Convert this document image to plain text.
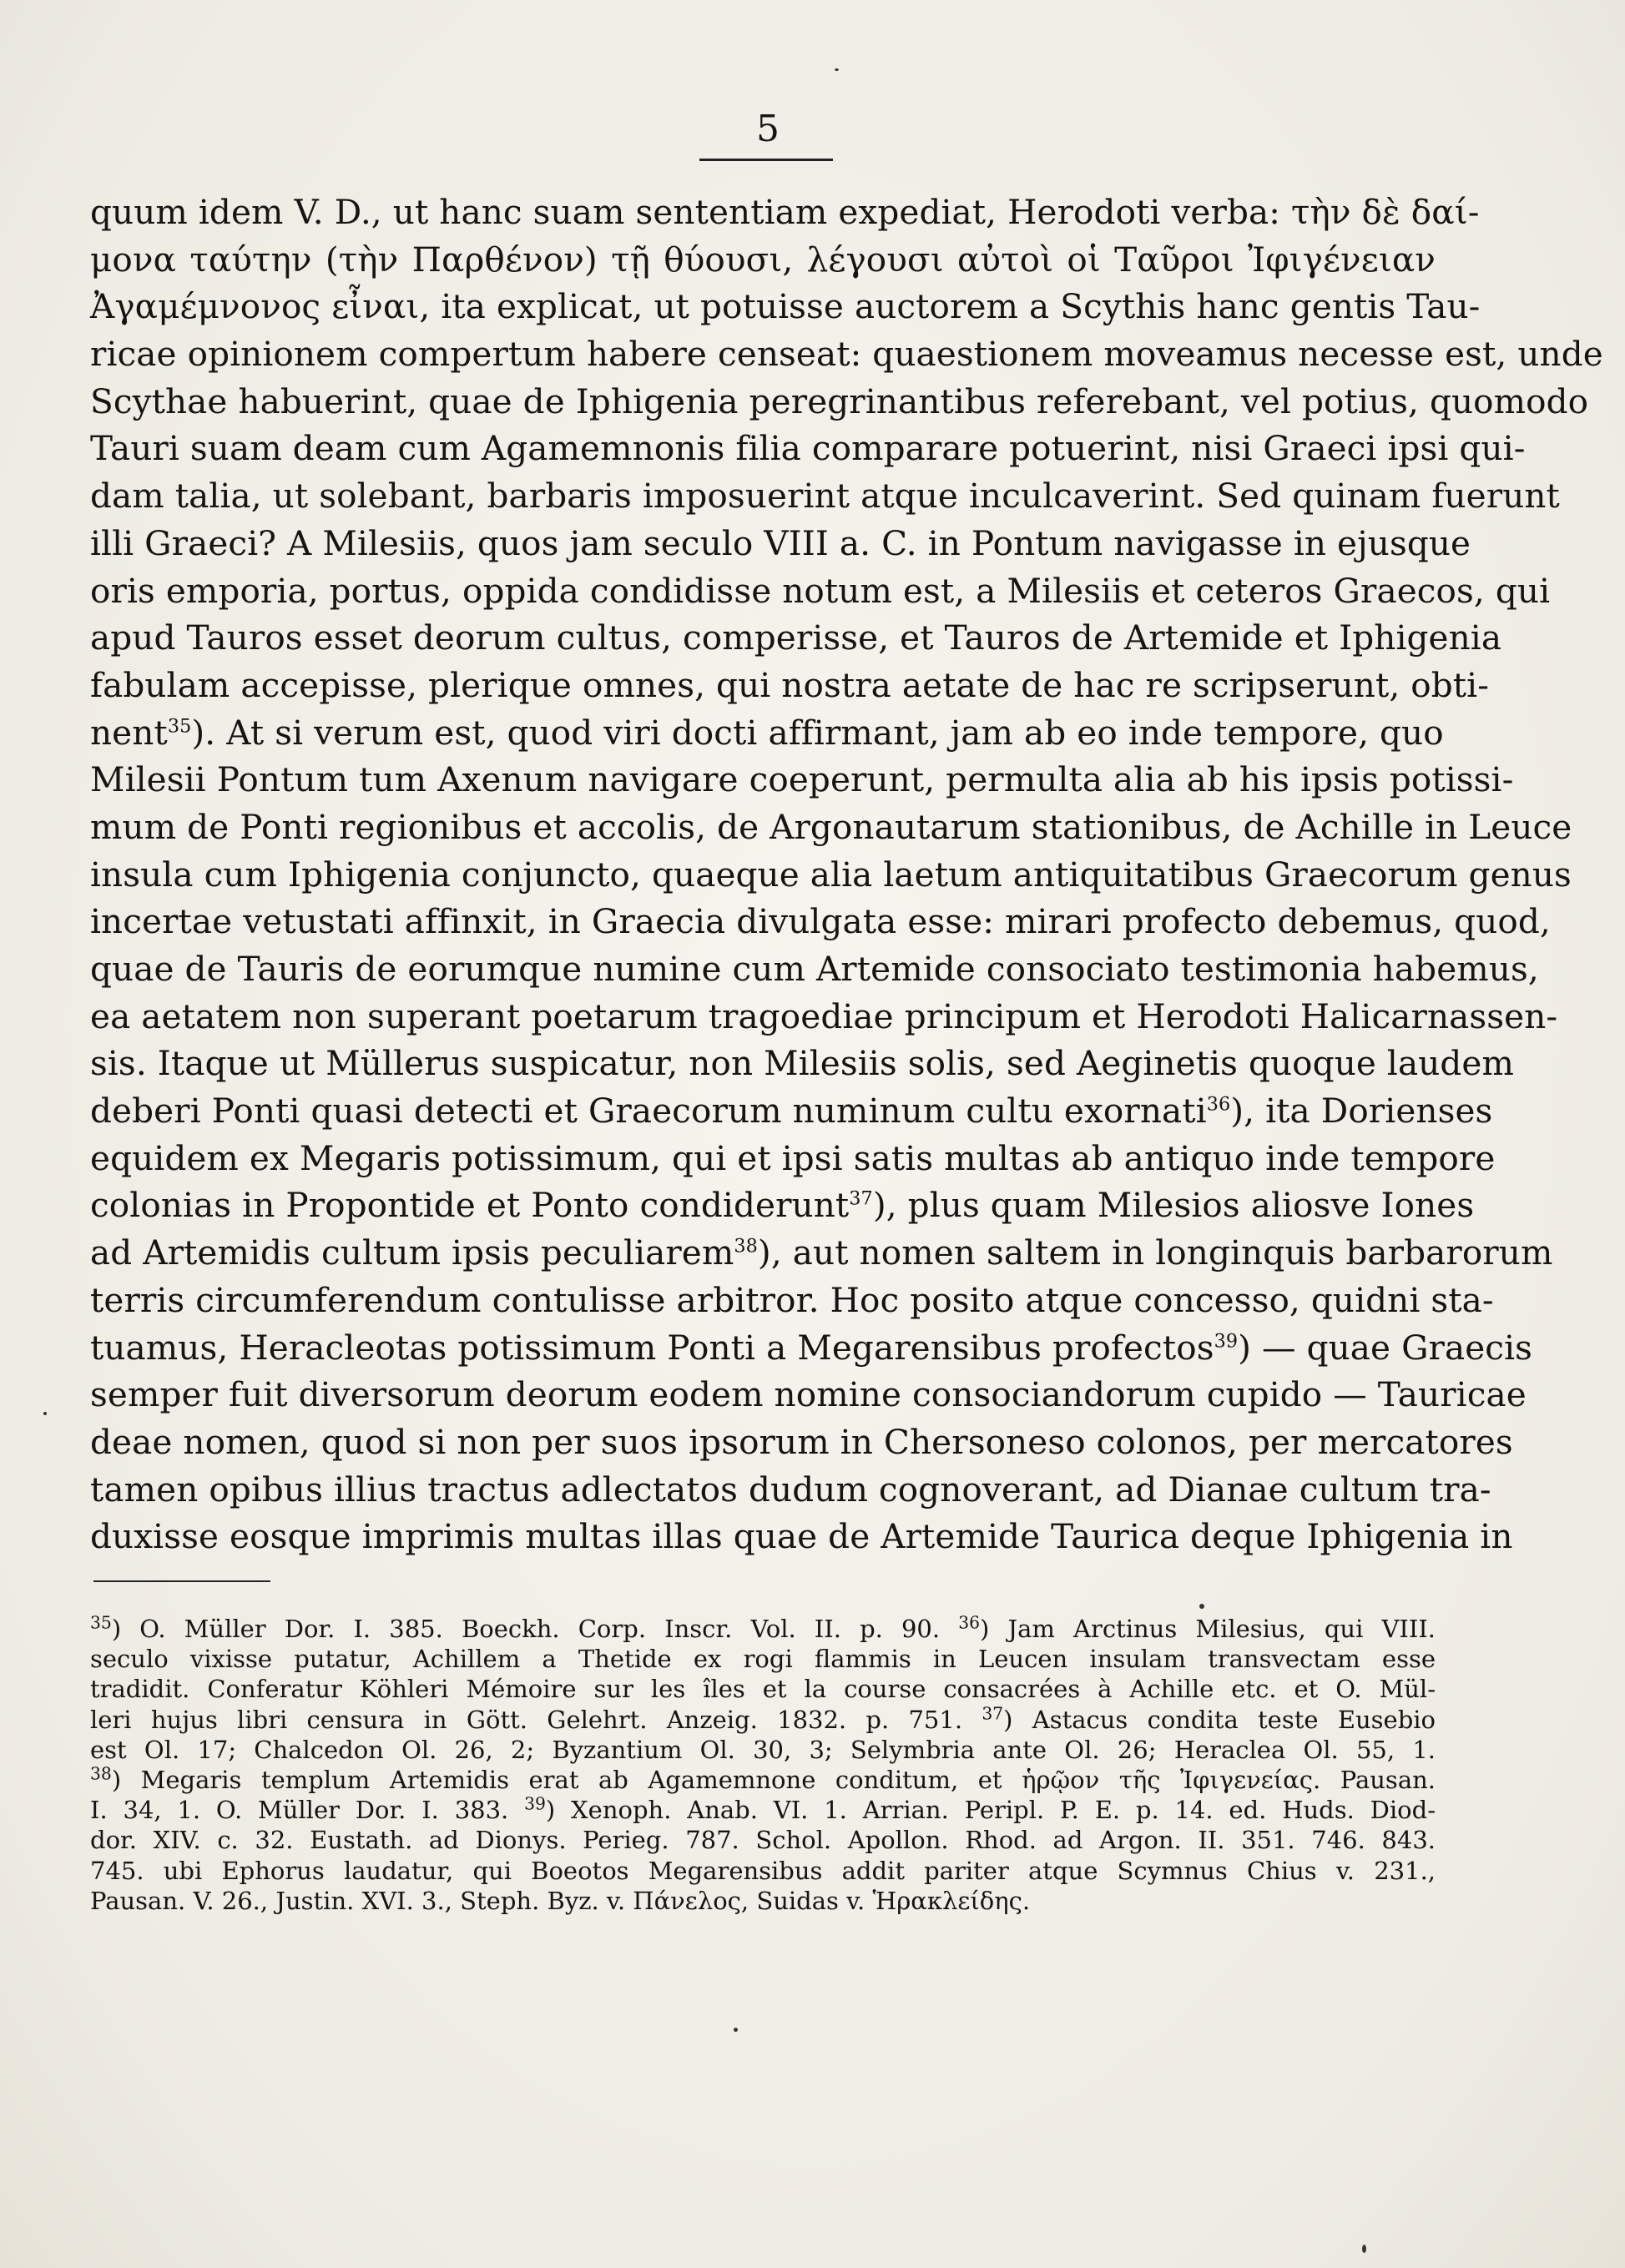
5
quum idem V. D., ut hanc suam sententiam expediat, Herodoti verba: τὴν δὲ δαί-
μονα ταύτην (τὴν Παρθένον) τῇ θύουσι, λέγουσι αὐτοὶ οἱ Ταῦροι Ἰφιγένειαν
Ἀγαμέμνονος εἶναι, ita explicat, ut potuisse auctorem a Scythis hanc gentis Tau-
ricae opinionem compertum habere censeat: quaestionem moveamus necesse est, unde
Scythae habuerint, quae de Iphigenia peregrinantibus referebant, vel potius, quomodo
Tauri suam deam cum Agamemnonis filia comparare potuerint, nisi Graeci ipsi qui-
dam talia, ut solebant, barbaris imposuerint atque inculcaverint. Sed quinam fuerunt
illi Graeci? A Milesiis, quos jam seculo VIII a. C. in Pontum navigasse in ejusque
oris emporia, portus, oppida condidisse notum est, a Milesiis et ceteros Graecos, qui
apud Tauros esset deorum cultus, comperisse, et Tauros de Artemide et Iphigenia
fabulam accepisse, plerique omnes, qui nostra aetate de hac re scripserunt, obti-
nent$^{35}$). At si verum est, quod viri docti affirmant, jam ab eo inde tempore, quo
Milesii Pontum tum Axenum navigare coeperunt, permulta alia ab his ipsis potissi-
mum de Ponti regionibus et accolis, de Argonautarum stationibus, de Achille in Leuce
insula cum Iphigenia conjuncto, quaeque alia laetum antiquitatibus Graecorum genus
incertae vetustati affinxit, in Graecia divulgata esse: mirari profecto debemus, quod,
quae de Tauris de eorumque numine cum Artemide consociato testimonia habemus,
ea aetatem non superant poetarum tragoediae principum et Herodoti Halicarnassen-
sis. Itaque ut Müllerus suspicatur, non Milesiis solis, sed Aeginetis quoque laudem
deberi Ponti quasi detecti et Graecorum numinum cultu exornati$^{36}$), ita Dorienses
equidem ex Megaris potissimum, qui et ipsi satis multas ab antiquo inde tempore
colonias in Propontide et Ponto condiderunt$^{37}$), plus quam Milesios aliosve Iones
ad Artemidis cultum ipsis peculiarem$^{38}$), aut nomen saltem in longinquis barbarorum
terris circumferendum contulisse arbitror. Hoc posito atque concesso, quidni sta-
tuamus, Heracleotas potissimum Ponti a Megarensibus profectos$^{39}$) — quae Graecis
semper fuit diversorum deorum eodem nomine consociandorum cupido — Tauricae
deae nomen, quod si non per suos ipsorum in Chersoneso colonos, per mercatores
tamen opibus illius tractus adlectatos dudum cognoverant, ad Dianae cultum tra-
duxisse eosque imprimis multas illas quae de Artemide Taurica deque Iphigenia in
$^{35}$) O. Müller Dor. I. 385. Boeckh. Corp. Inscr. Vol. II. p. 90. $^{36}$) Jam Arctinus Milesius, qui VIII.
seculo vixisse putatur, Achillem a Thetide ex rogi flammis in Leucen insulam transvectam esse
tradidit. Conferatur Köhleri Mémoire sur les îles et la course consacrées à Achille etc. et O. Mül-
leri hujus libri censura in Gött. Gelehrt. Anzeig. 1832. p. 751. $^{37}$) Astacus condita teste Eusebio
est Ol. 17; Chalcedon Ol. 26, 2; Byzantium Ol. 30, 3; Selymbria ante Ol. 26; Heraclea Ol. 55, 1.
$^{38}$) Megaris templum Artemidis erat ab Agamemnone conditum, et ἡρῷον τῆς Ἰφιγενείας. Pausan.
I. 34, 1. O. Müller Dor. I. 383. $^{39}$) Xenoph. Anab. VI. 1. Arrian. Peripl. P. E. p. 14. ed. Huds. Diod-
dor. XIV. c. 32. Eustath. ad Dionys. Perieg. 787. Schol. Apollon. Rhod. ad Argon. II. 351. 746. 843.
745. ubi Ephorus laudatur, qui Boeotos Megarensibus addit pariter atque Scymnus Chius v. 231.,
Pausan. V. 26., Justin. XVI. 3., Steph. Byz. v. Πάνελος, Suidas v. Ἡρακλείδης.
